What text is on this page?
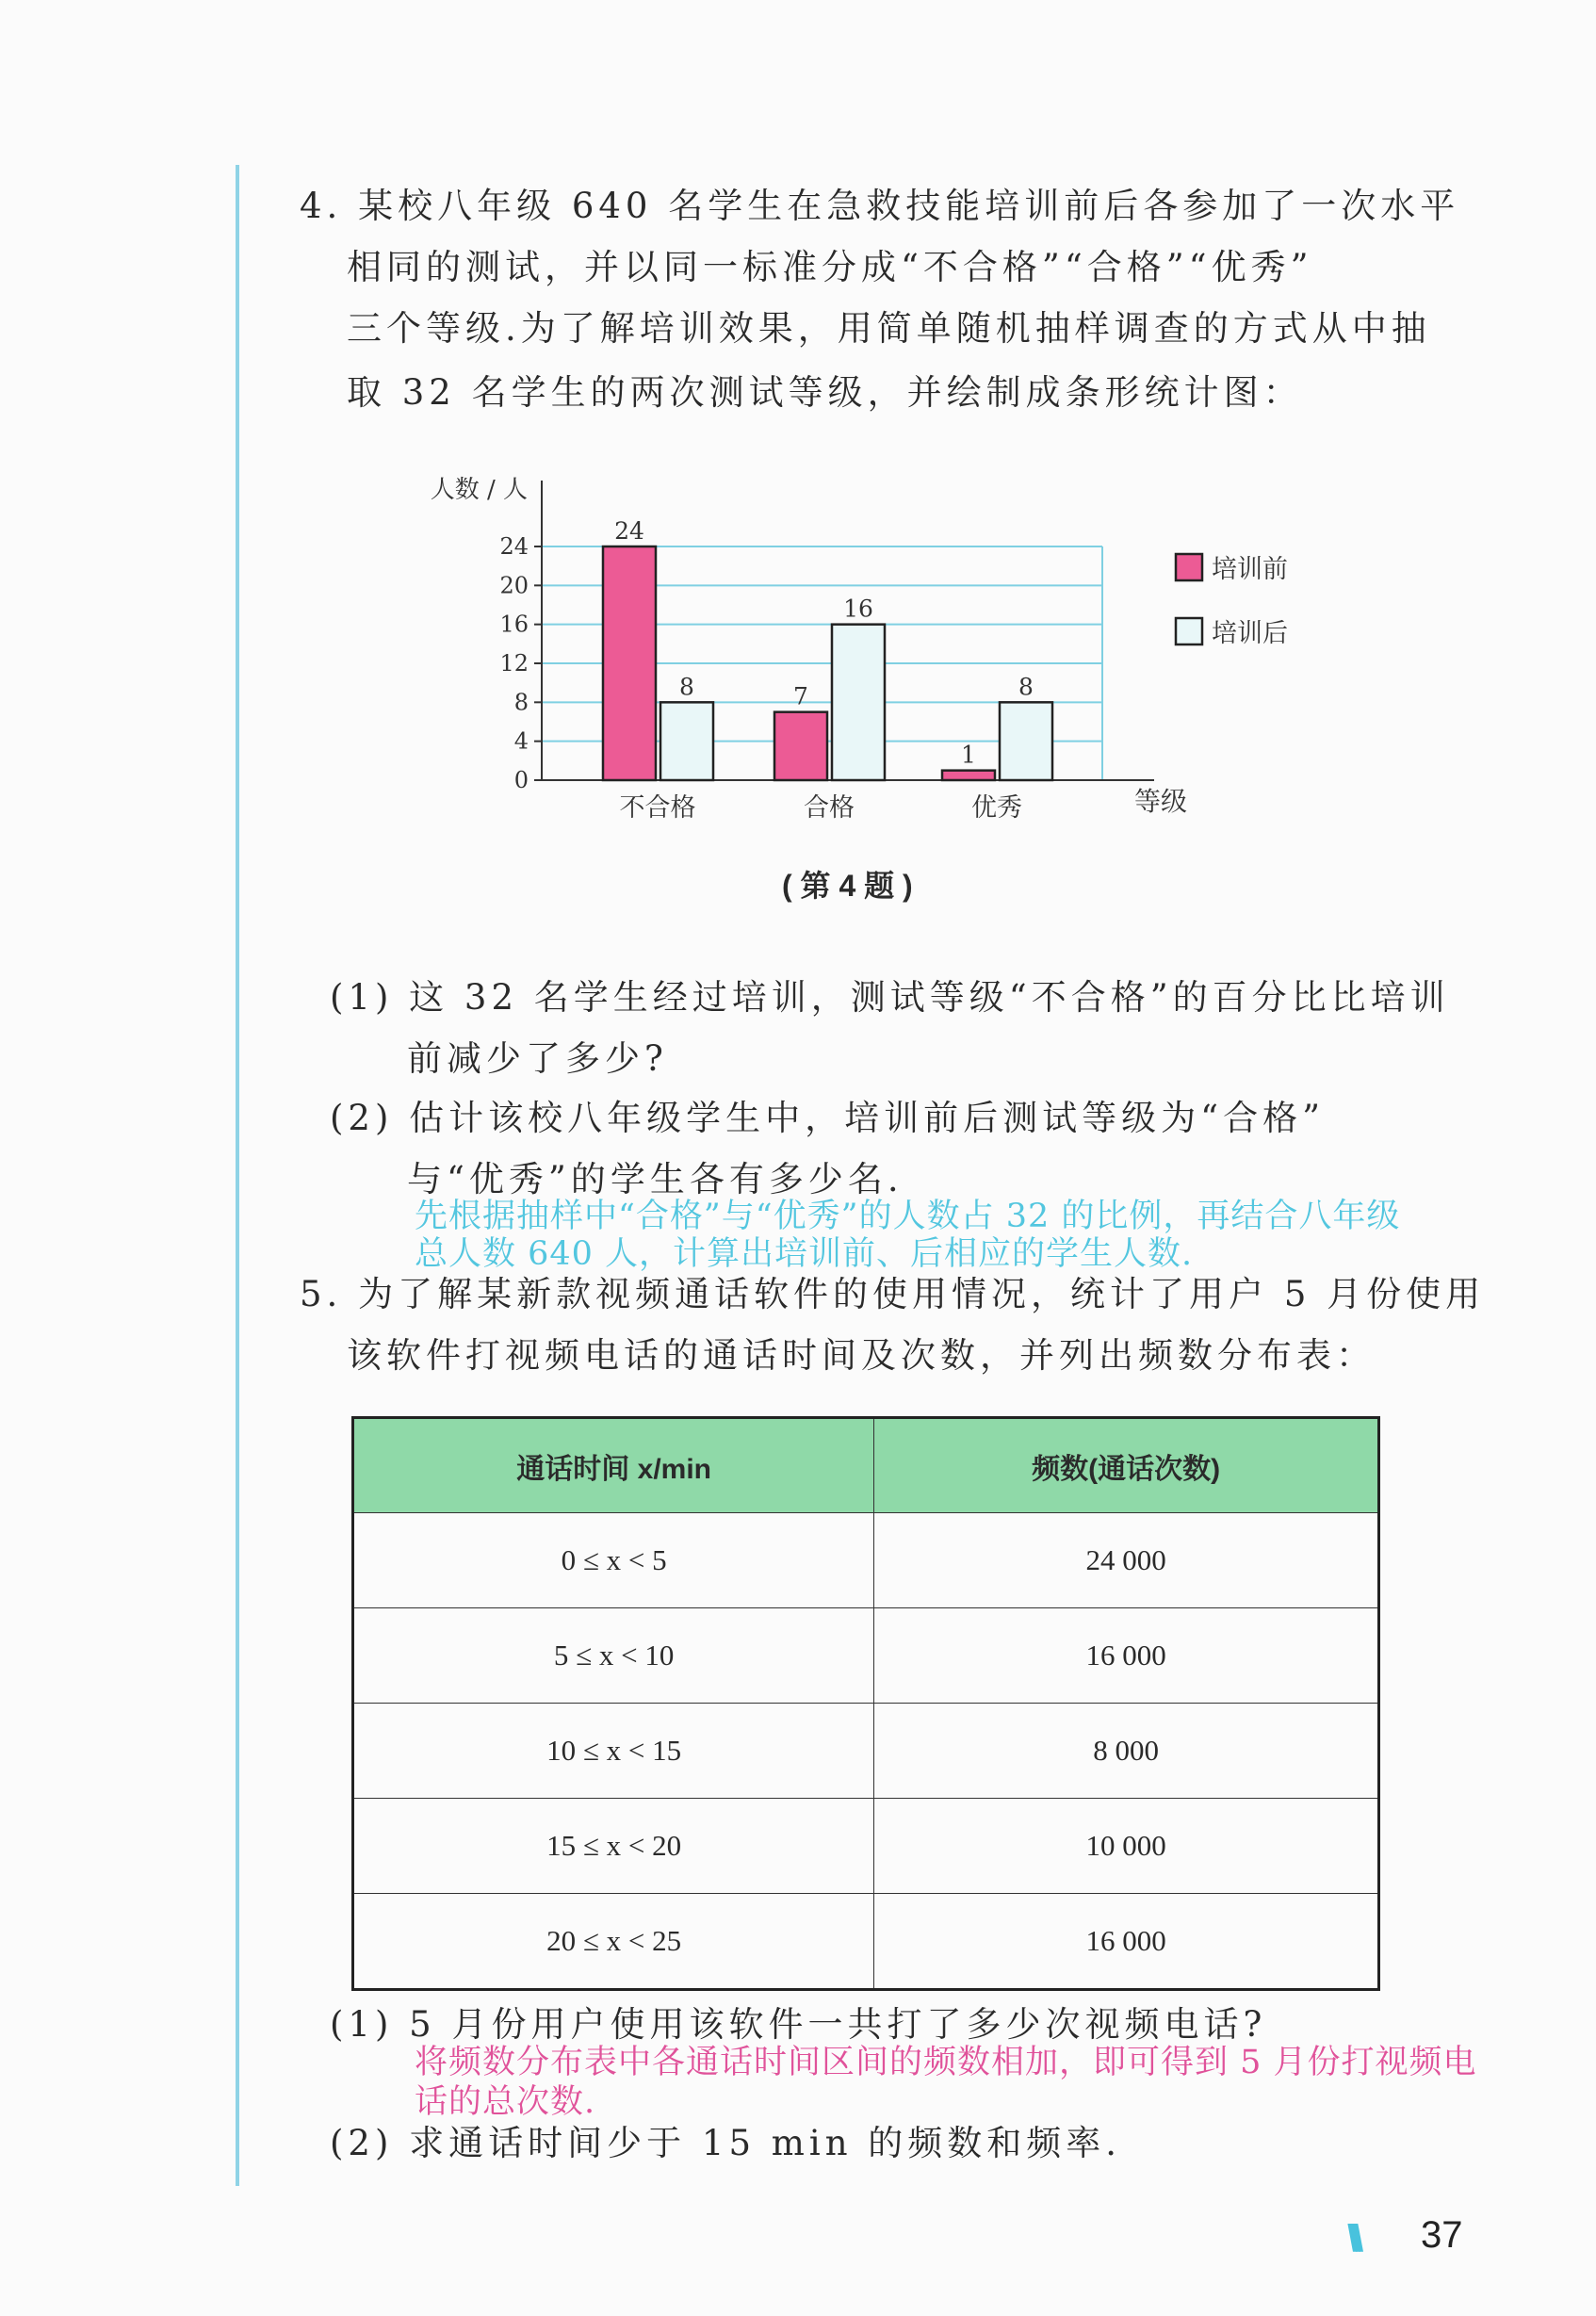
4. 某校八年级 640 名学生在急救技能培训前后各参加了一次水平
相同的测试，并以同一标准分成“不合格”“合格”“优秀”
三个等级.为了解培训效果，用简单随机抽样调查的方式从中抽
取 32 名学生的两次测试等级，并绘制成条形统计图：
0
4
8
12
16
20
24
人数 / 人
等级
24
8
不合格
7
16
合格
1
8
优秀
培训前
培训后
( 第 4 题 )
(1) 这 32 名学生经过培训，测试等级“不合格”的百分比比培训
前减少了多少?
(2) 估计该校八年级学生中，培训前后测试等级为“合格”
与“优秀”的学生各有多少名.
先根据抽样中“合格”与“优秀”的人数占 32 的比例，再结合八年级
总人数 640 人，计算出培训前、后相应的学生人数.
5. 为了解某新款视频通话软件的使用情况，统计了用户 5 月份使用
该软件打视频电话的通话时间及次数，并列出频数分布表：
通话时间 x/min	频数(通话次数)
0 ≤ x < 5	24 000
5 ≤ x < 10	16 000
10 ≤ x < 15	8 000
15 ≤ x < 20	10 000
20 ≤ x < 25	16 000
(1) 5 月份用户使用该软件一共打了多少次视频电话?
将频数分布表中各通话时间区间的频数相加，即可得到 5 月份打视频电
话的总次数.
(2) 求通话时间少于 15 min 的频数和频率.
\\\ 37
